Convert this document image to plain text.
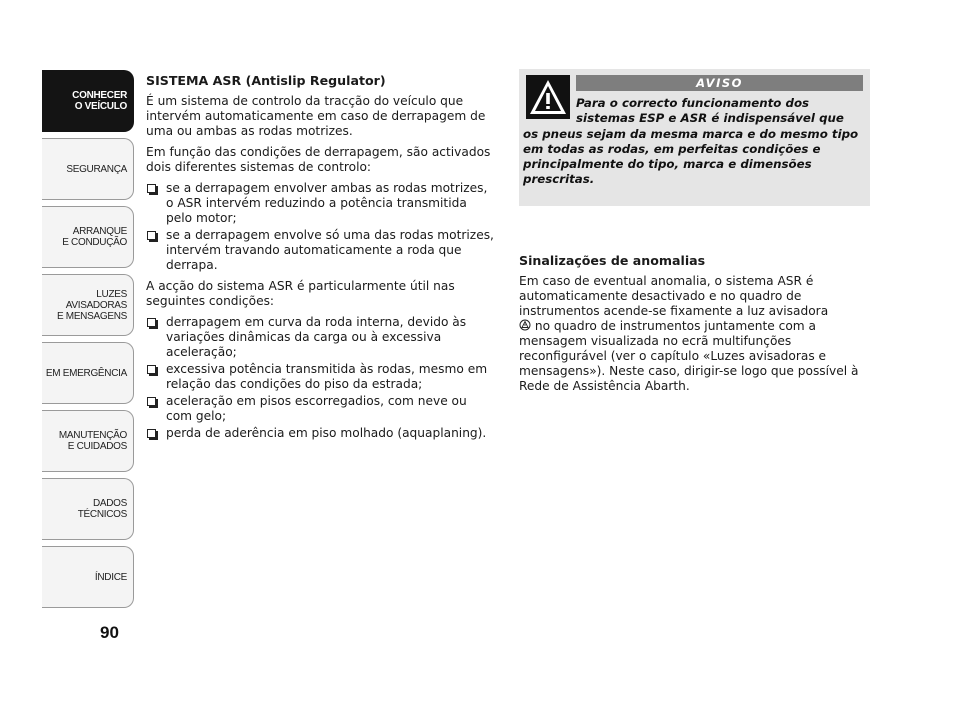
CONHECER
O VEÍCULO
SEGURANÇA
ARRANQUE
E CONDUÇÃO
LUZES
AVISADORAS
E MENSAGENS
EM EMERGÊNCIA
MANUTENÇÃO
E CUIDADOS
DADOS
TÉCNICOS
ÍNDICE
90
SISTEMA ASR (Antislip Regulator)

É um sistema de controlo da tracção do veículo que intervém automaticamente em caso de derrapagem de uma ou ambas as rodas motrizes.

Em função das condições de derrapagem, são activados dois diferentes sistemas de controlo:

se a derrapagem envolver ambas as rodas motrizes, o ASR intervém reduzindo a potência transmitida pelo motor;
se a derrapagem envolve só uma das rodas motrizes, intervém travando automaticamente a roda que derrapa.

A acção do sistema ASR é particularmente útil nas seguintes condições:

derrapagem em curva da roda interna, devido às variações dinâmicas da carga ou à excessiva aceleração;
excessiva potência transmitida às rodas, mesmo em relação das condições do piso da estrada;
aceleração em pisos escorregadios, com neve ou com gelo;
perda de aderência em piso molhado (aquaplaning).
AVISO
Para o correcto funcionamento dos sistemas ESP e ASR é indispensável que
os pneus sejam da mesma marca e do mesmo tipo em todas as rodas, em perfeitas condições e principalmente do tipo, marca e dimensões prescritas.
Sinalizações de anomalias

Em caso de eventual anomalia, o sistema ASR é automaticamente desactivado e no quadro de instrumentos acende-se fixamente a luz avisadora
no quadro de instrumentos juntamente com a mensagem visualizada no ecrã multifunções reconfigurável (ver o capítulo «Luzes avisadoras e mensagens»). Neste caso, dirigir-se logo que possível à Rede de Assistência Abarth.
